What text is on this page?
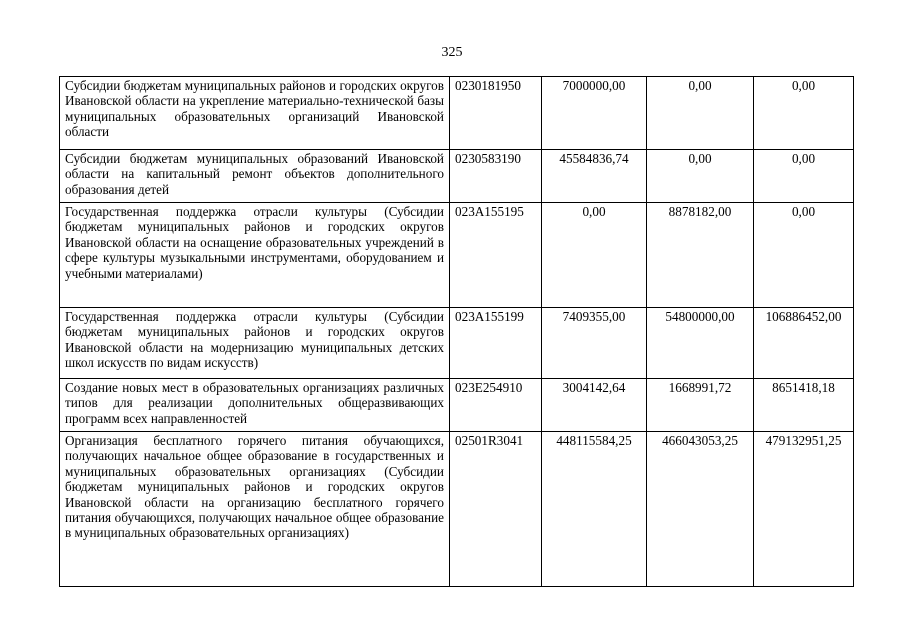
325
Субсидии бюджетам муниципальных районов и городских округов Ивановской области на укрепление материально-технической базы муниципальных образовательных организаций Ивановской области	0230181950	7000000,00	0,00	0,00
Субсидии бюджетам муниципальных образований Ивановской области на капитальный ремонт объектов дополнительного образования детей	0230583190	45584836,74	0,00	0,00
Государственная поддержка отрасли культуры (Субсидии бюджетам муниципальных районов и городских округов Ивановской области на оснащение образовательных учреждений в сфере культуры музыкальными инструментами, оборудованием и учебными материалами)	023A155195	0,00	8878182,00	0,00
Государственная поддержка отрасли культуры (Субсидии бюджетам муниципальных районов и городских округов Ивановской области на модернизацию муниципальных детских школ искусств по видам искусств)	023A155199	7409355,00	54800000,00	106886452,00
Создание новых мест в образовательных организациях различных типов для реализации дополнительных общеразвивающих программ всех направленностей	023E254910	3004142,64	1668991,72	8651418,18
Организация бесплатного горячего питания обучающихся, получающих начальное общее образование в государственных и муниципальных образовательных организациях (Субсидии бюджетам муниципальных районов и городских округов Ивановской области на организацию бесплатного горячего питания обучающихся, получающих начальное общее образование в муниципальных образовательных организациях)	02501R3041	448115584,25	466043053,25	479132951,25
